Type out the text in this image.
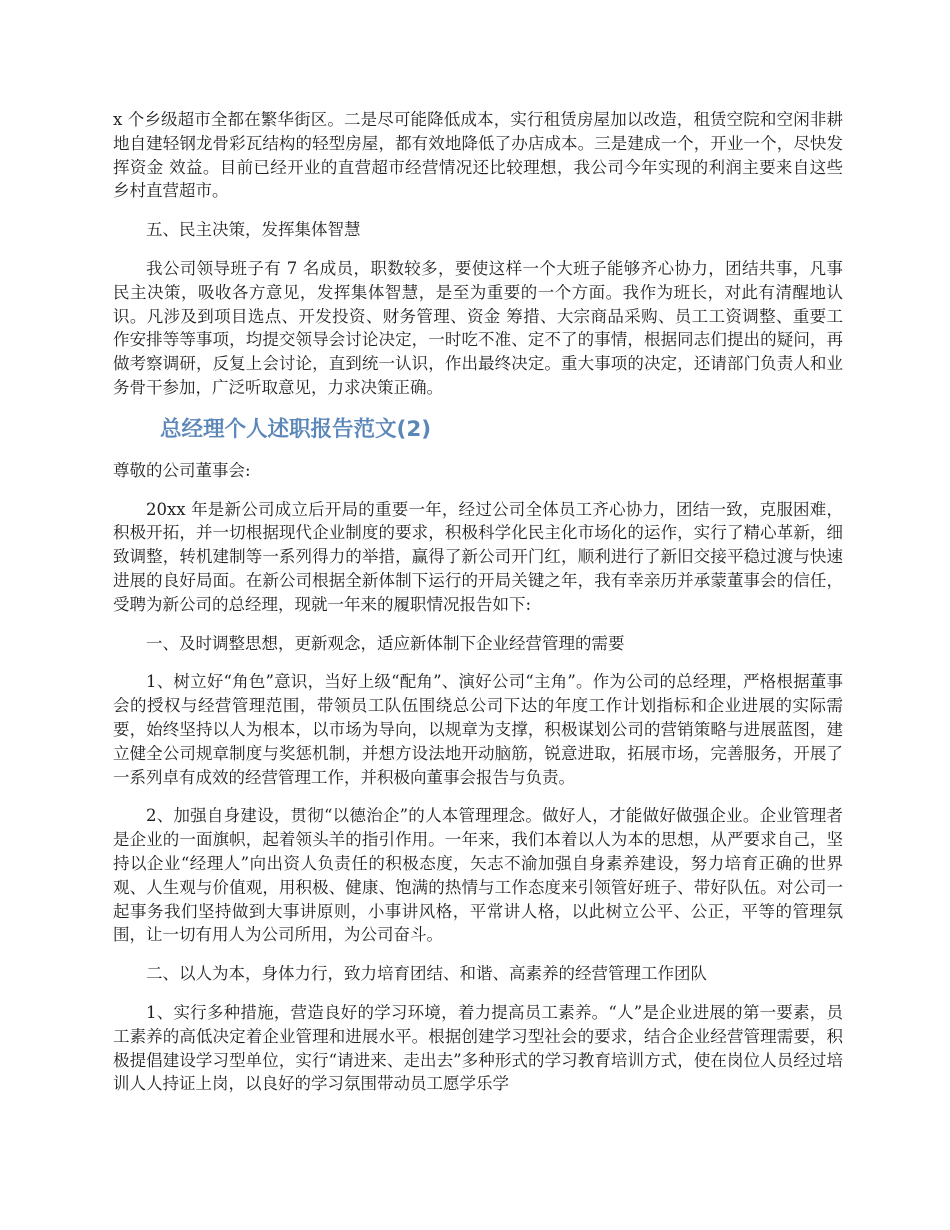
x 个乡级超市全都在繁华街区。二是尽可能降低成本，实行租赁房屋加以改造，租赁空院和空闲非耕地自建轻钢龙骨彩瓦结构的轻型房屋，都有效地降低了办店成本。三是建成一个，开业一个，尽快发挥资金 效益。目前已经开业的直营超市经营情况还比较理想，我公司今年实现的利润主要来自这些乡村直营超市。

五、民主决策，发挥集体智慧

我公司领导班子有 7 名成员，职数较多，要使这样一个大班子能够齐心协力，团结共事，凡事民主决策，吸收各方意见，发挥集体智慧，是至为重要的一个方面。我作为班长，对此有清醒地认识。凡涉及到项目选点、开发投资、财务管理、资金 筹措、大宗商品采购、员工工资调整、重要工作安排等等事项，均提交领导会讨论决定，一时吃不准、定不了的事情，根据同志们提出的疑问，再做考察调研，反复上会讨论，直到统一认识，作出最终决定。重大事项的决定，还请部门负责人和业务骨干参加，广泛听取意见，力求决策正确。

总经理个人述职报告范文(2)

尊敬的公司董事会:

20xx 年是新公司成立后开局的重要一年，经过公司全体员工齐心协力，团结一致，克服困难，积极开拓，并一切根据现代企业制度的要求，积极科学化民主化市场化的运作，实行了精心革新，细致调整，转机建制等一系列得力的举措，赢得了新公司开门红，顺利进行了新旧交接平稳过渡与快速进展的良好局面。在新公司根据全新体制下运行的开局关键之年，我有幸亲历并承蒙董事会的信任，受聘为新公司的总经理，现就一年来的履职情况报告如下:

一、及时调整思想，更新观念，适应新体制下企业经营管理的需要

1、树立好“角色”意识，当好上级“配角”、演好公司“主角”。作为公司的总经理，严格根据董事会的授权与经营管理范围，带领员工队伍围绕总公司下达的年度工作计划指标和企业进展的实际需要，始终坚持以人为根本，以市场为导向，以规章为支撑，积极谋划公司的营销策略与进展蓝图，建立健全公司规章制度与奖惩机制，并想方设法地开动脑筋，锐意进取，拓展市场，完善服务，开展了一系列卓有成效的经营管理工作，并积极向董事会报告与负责。

2、加强自身建设，贯彻“以德治企”的人本管理理念。做好人，才能做好做强企业。企业管理者是企业的一面旗帜，起着领头羊的指引作用。一年来，我们本着以人为本的思想，从严要求自己，坚持以企业“经理人”向出资人负责任的积极态度，矢志不渝加强自身素养建设，努力培育正确的世界观、人生观与价值观，用积极、健康、饱满的热情与工作态度来引领管好班子、带好队伍。对公司一起事务我们坚持做到大事讲原则，小事讲风格，平常讲人格，以此树立公平、公正，平等的管理氛围，让一切有用人为公司所用，为公司奋斗。

二、以人为本，身体力行，致力培育团结、和谐、高素养的经营管理工作团队

1、实行多种措施，营造良好的学习环境，着力提高员工素养。“人”是企业进展的第一要素，员工素养的高低决定着企业管理和进展水平。根据创建学习型社会的要求，结合企业经营管理需要，积极提倡建设学习型单位，实行“请进来、走出去”多种形式的学习教育培训方式，使在岗位人员经过培训人人持证上岗，以良好的学习氛围带动员工愿学乐学
